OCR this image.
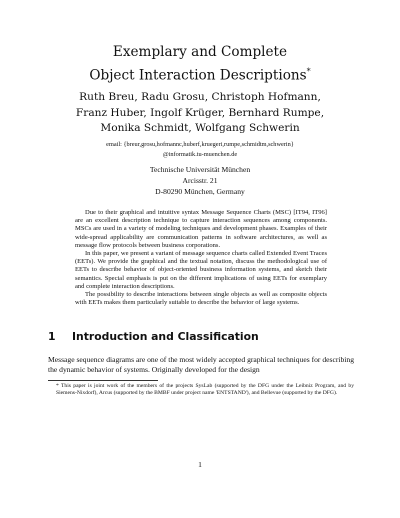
Exemplary and Complete
Object Interaction Descriptions*
Ruth Breu, Radu Grosu, Christoph Hofmann,
Franz Huber, Ingolf Krüger, Bernhard Rumpe,
Monika Schmidt, Wolfgang Schwerin
email: {breur,grosu,hofmannc,huberf,kruegeri,rumpe,schmidtm,schwerin}
@informatik.tu-muenchen.de
Technische Universität München
Arcisstr. 21
D-80290 München, Germany

Due to their graphical and intuitive syntax Message Sequence Charts (MSC) [IT94, IT96] are an excellent description technique to capture interaction sequences among components. MSCs are used in a variety of modeling techniques and development phases. Examples of their wide-spread applicability are communication patterns in software architectures, as well as message flow protocols between business corporations.

In this paper, we present a variant of message sequence charts called Extended Event Traces (EETs). We provide the graphical and the textual notation, discuss the methodological use of EETs to describe behavior of object-oriented business information systems, and sketch their semantics. Special emphasis is put on the different implications of using EETs for exemplary and complete interaction descriptions.

The possibility to describe interactions between single objects as well as composite objects with EETs makes them particularly suitable to describe the behavior of large systems.

1 Introduction and Classification
Message sequence diagrams are one of the most widely accepted graphical techniques for describing the dynamic behavior of systems. Originally developed for the design
* This paper is joint work of the members of the projects SysLab (supported by the DFG under the Leibniz Program, and by Siemens-Nixdorf), Arcus (supported by the BMBF under project name 'ENTSTAND'), and Bellevue (supported by the DFG).
1
